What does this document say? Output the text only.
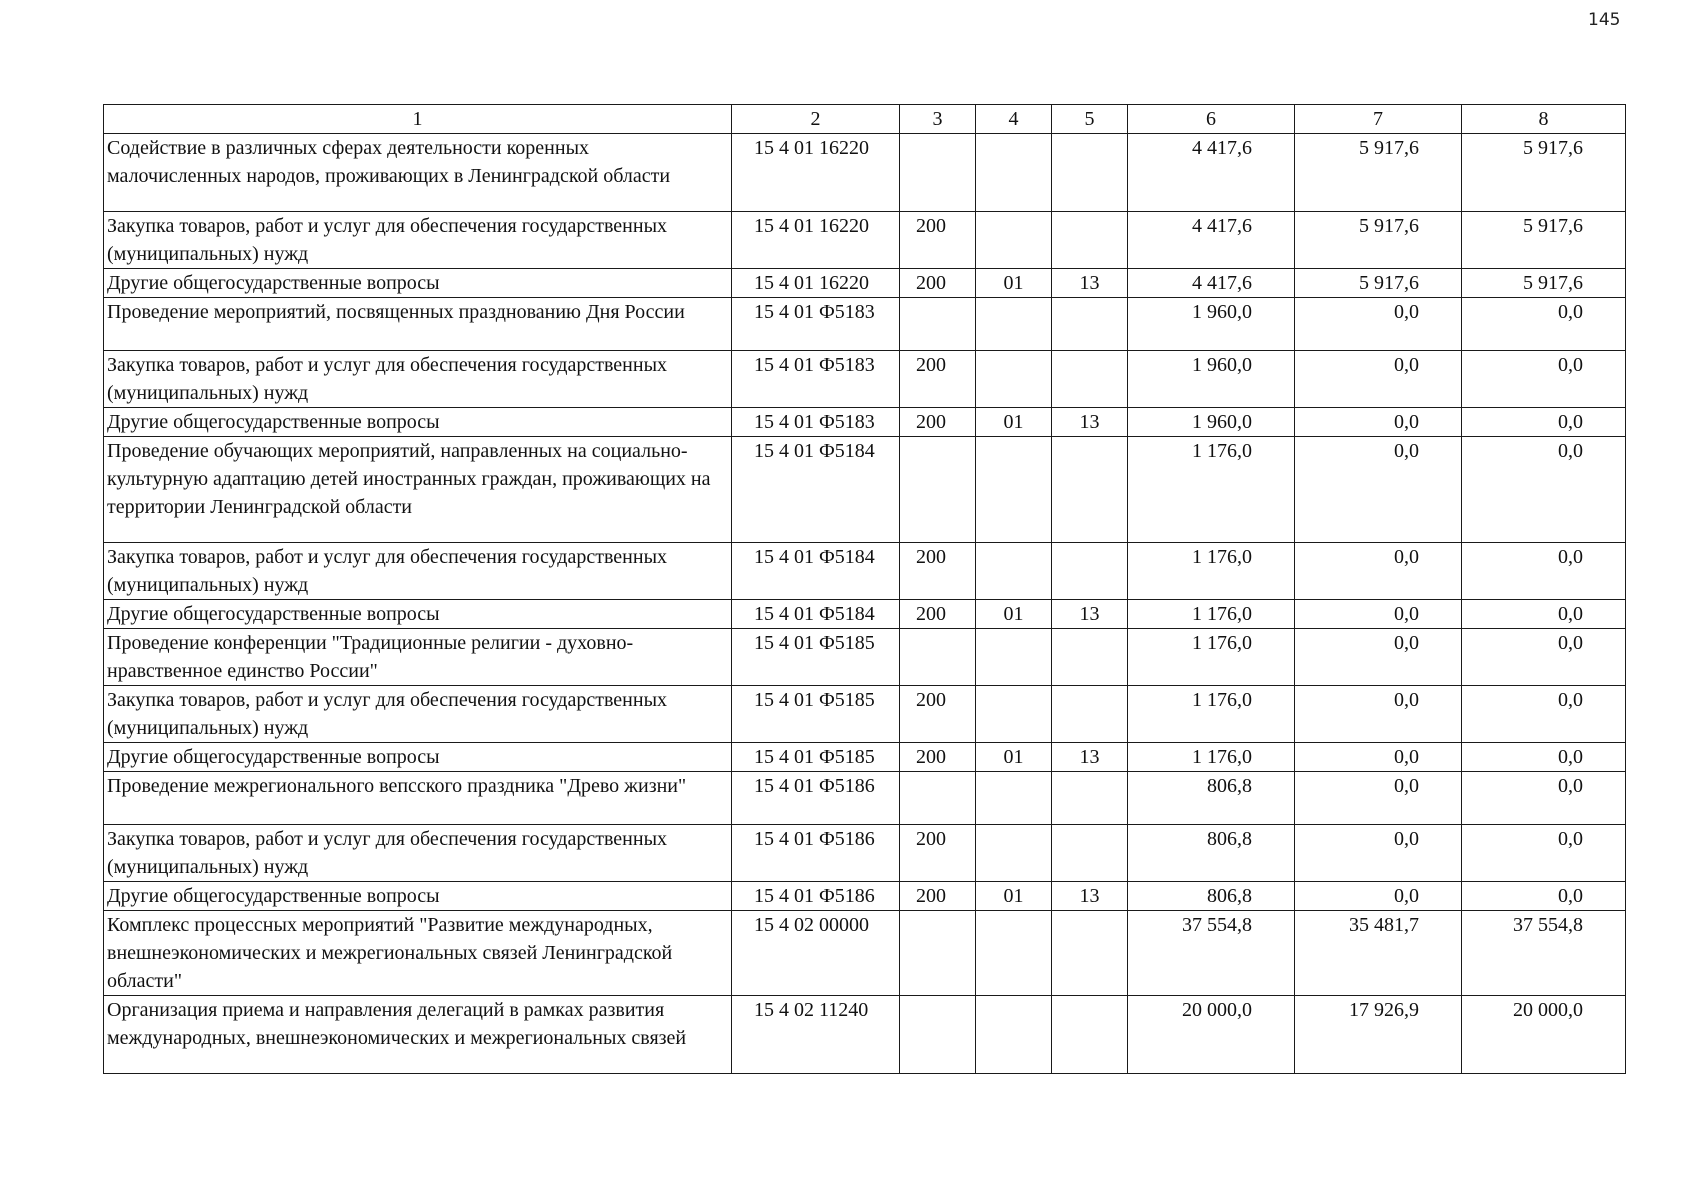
145
1	2	3	4	5	6	7	8
Содействие в различных сферах деятельности коренных малочисленных народов, проживающих в Ленинградской области	15 4 01 16220				4 417,6	5 917,6	5 917,6
Закупка товаров, работ и услуг для обеспечения государственных (муниципальных) нужд	15 4 01 16220	200			4 417,6	5 917,6	5 917,6
Другие общегосударственные вопросы	15 4 01 16220	200	01	13	4 417,6	5 917,6	5 917,6
Проведение мероприятий, посвященных празднованию Дня России	15 4 01 Ф5183				1 960,0	0,0	0,0
Закупка товаров, работ и услуг для обеспечения государственных (муниципальных) нужд	15 4 01 Ф5183	200			1 960,0	0,0	0,0
Другие общегосударственные вопросы	15 4 01 Ф5183	200	01	13	1 960,0	0,0	0,0
Проведение обучающих мероприятий, направленных на социально-культурную адаптацию детей иностранных граждан, проживающих на территории Ленинградской области	15 4 01 Ф5184				1 176,0	0,0	0,0
Закупка товаров, работ и услуг для обеспечения государственных (муниципальных) нужд	15 4 01 Ф5184	200			1 176,0	0,0	0,0
Другие общегосударственные вопросы	15 4 01 Ф5184	200	01	13	1 176,0	0,0	0,0
Проведение конференции "Традиционные религии - духовно-нравственное единство России"	15 4 01 Ф5185				1 176,0	0,0	0,0
Закупка товаров, работ и услуг для обеспечения государственных (муниципальных) нужд	15 4 01 Ф5185	200			1 176,0	0,0	0,0
Другие общегосударственные вопросы	15 4 01 Ф5185	200	01	13	1 176,0	0,0	0,0
Проведение межрегионального вепсского праздника "Древо жизни"	15 4 01 Ф5186				806,8	0,0	0,0
Закупка товаров, работ и услуг для обеспечения государственных (муниципальных) нужд	15 4 01 Ф5186	200			806,8	0,0	0,0
Другие общегосударственные вопросы	15 4 01 Ф5186	200	01	13	806,8	0,0	0,0
Комплекс процессных мероприятий "Развитие международных, внешнеэкономических и межрегиональных связей Ленинградской области"	15 4 02 00000				37 554,8	35 481,7	37 554,8
Организация приема и направления делегаций в рамках развития международных, внешнеэкономических и межрегиональных связей	15 4 02 11240				20 000,0	17 926,9	20 000,0
